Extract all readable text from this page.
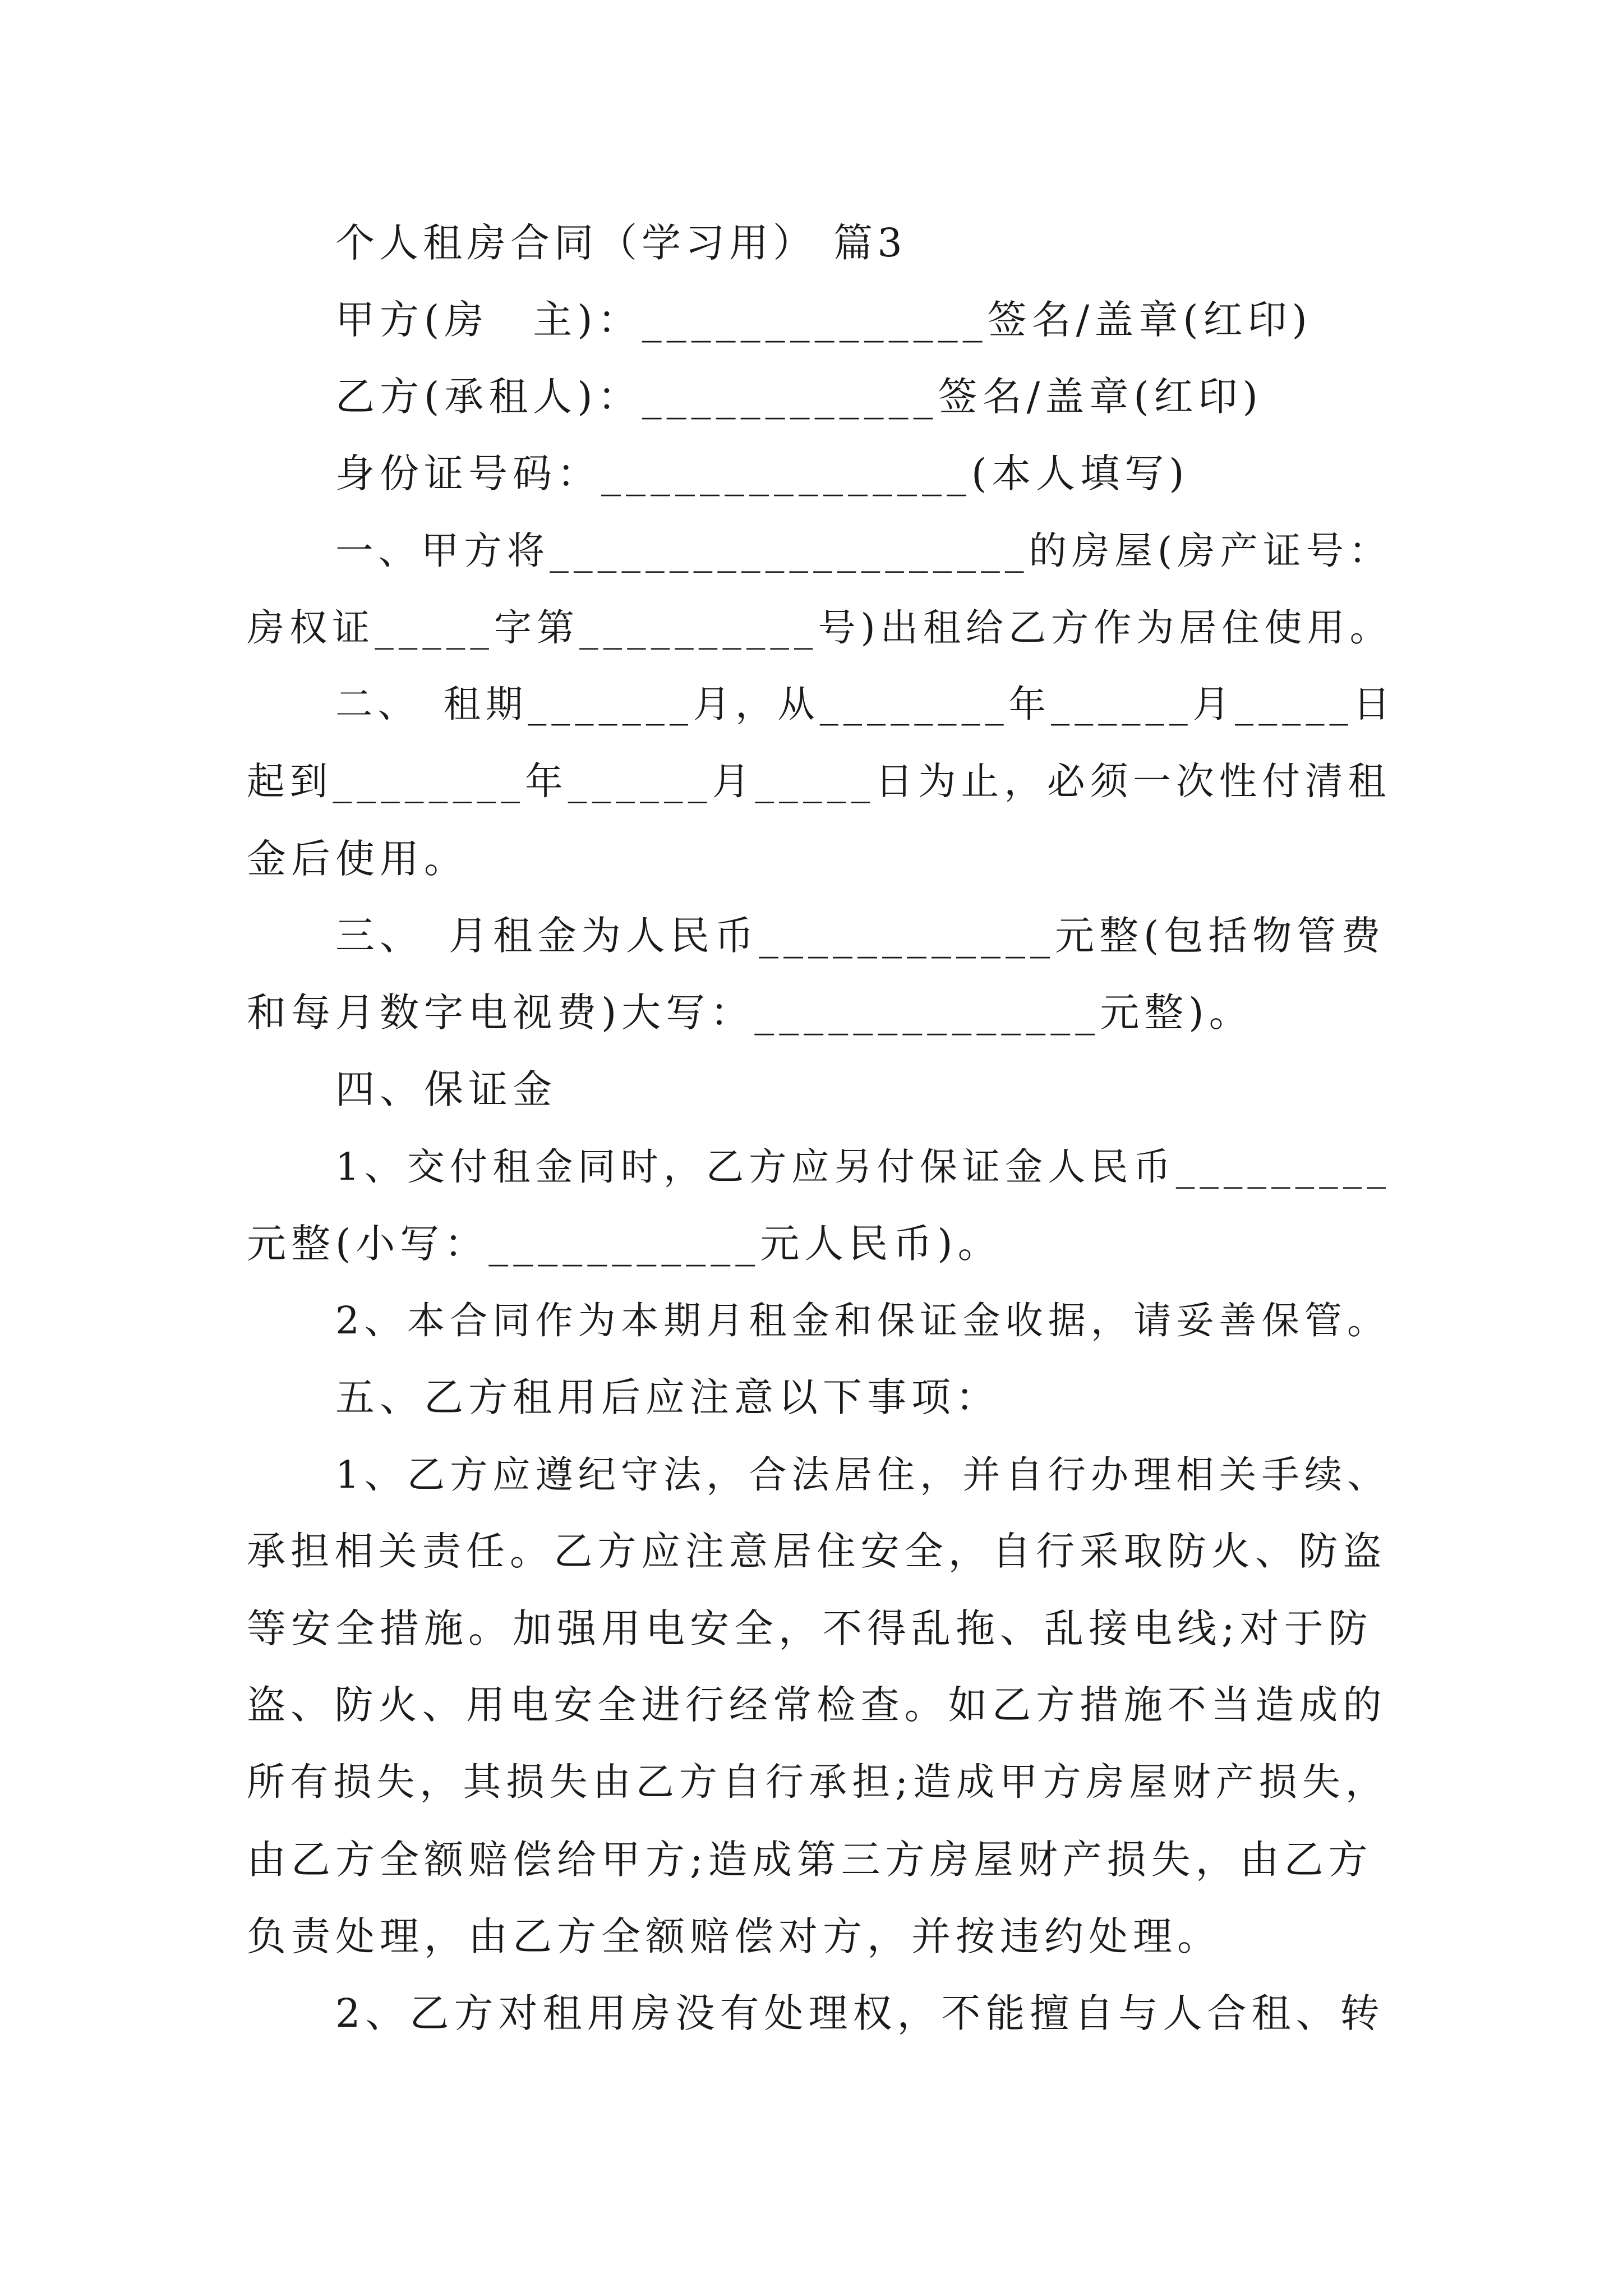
个人租房合同（学习用） 篇3

甲方(房　主)：______________签名/盖章(红印)

乙方(承租人)：____________签名/盖章(红印)

身份证号码：_______________(本人填写)

一、甲方将____________________的房屋(房产证号：

房权证_____字第__________号)出租给乙方作为居住使用。

二、　租期_______月，从________年______月_____日

起到________年______月_____日为止，必须一次性付清租

金后使用。

三、　月租金为人民币____________元整(包括物管费

和每月数字电视费)大写：______________元整)。

四、保证金

1、交付租金同时，乙方应另付保证金人民币_________

元整(小写：___________元人民币)。

2、本合同作为本期月租金和保证金收据，请妥善保管。

五、乙方租用后应注意以下事项：

1、乙方应遵纪守法，合法居住，并自行办理相关手续、

承担相关责任。乙方应注意居住安全，自行采取防火、防盗

等安全措施。加强用电安全，不得乱拖、乱接电线;对于防

盗、防火、用电安全进行经常检查。如乙方措施不当造成的

所有损失，其损失由乙方自行承担;造成甲方房屋财产损失，

由乙方全额赔偿给甲方;造成第三方房屋财产损失，由乙方

负责处理，由乙方全额赔偿对方，并按违约处理。

2、乙方对租用房没有处理权，不能擅自与人合租、转
